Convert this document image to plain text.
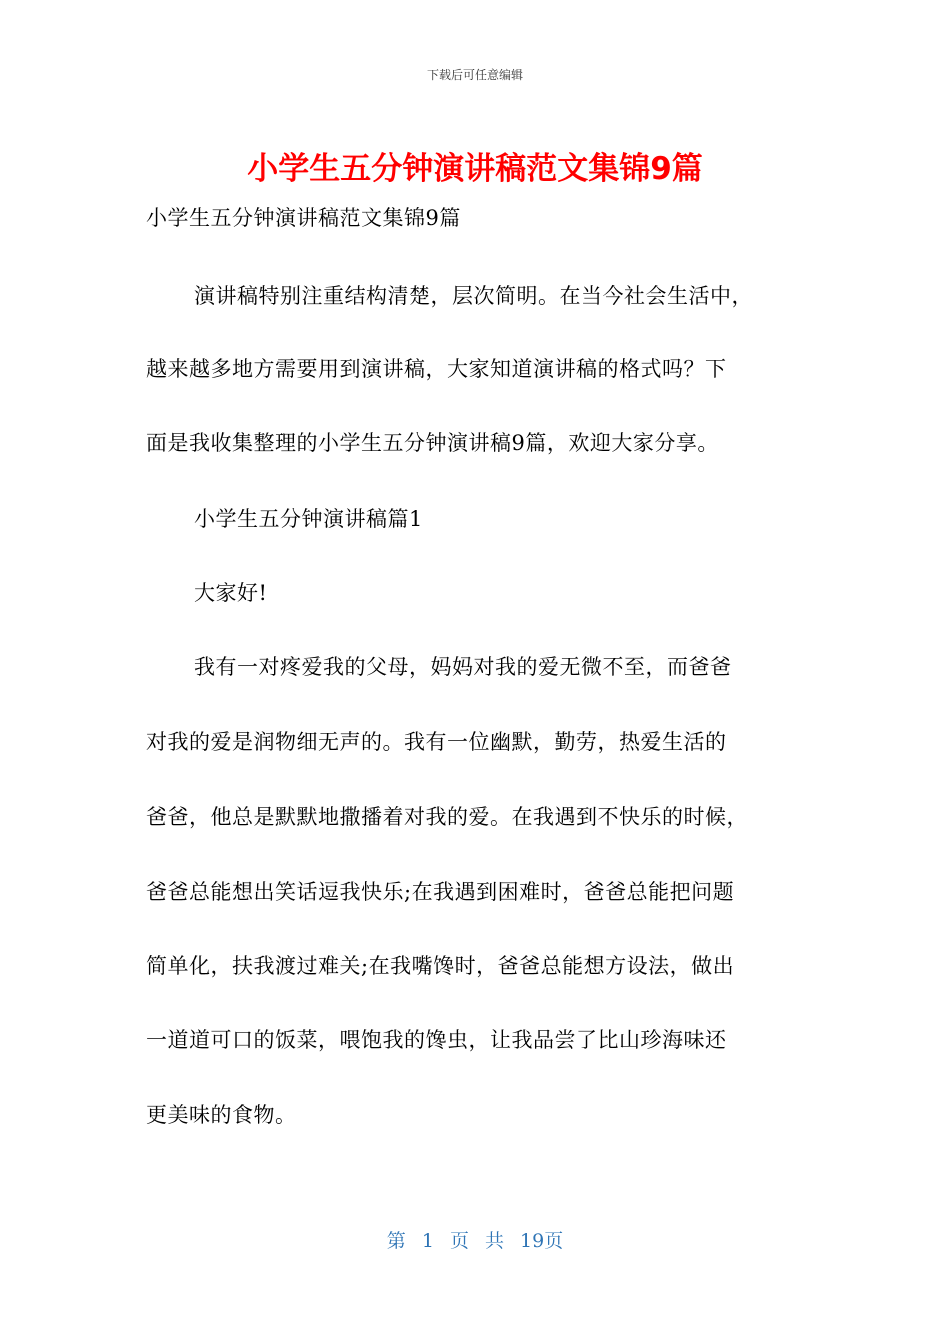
下载后可任意编辑
小学生五分钟演讲稿范文集锦9篇
小学生五分钟演讲稿范文集锦9篇
演讲稿特别注重结构清楚，层次简明。在当今社会生活中，
越来越多地方需要用到演讲稿，大家知道演讲稿的格式吗？下
面是我收集整理的小学生五分钟演讲稿9篇，欢迎大家分享。
小学生五分钟演讲稿篇1
大家好!
我有一对疼爱我的父母，妈妈对我的爱无微不至，而爸爸
对我的爱是润物细无声的。我有一位幽默，勤劳，热爱生活的
爸爸，他总是默默地撒播着对我的爱。在我遇到不快乐的时候，
爸爸总能想出笑话逗我快乐;在我遇到困难时，爸爸总能把问题
简单化，扶我渡过难关;在我嘴馋时，爸爸总能想方设法，做出
一道道可口的饭菜，喂饱我的馋虫，让我品尝了比山珍海味还
更美味的食物。
第 1 页 共 19页
